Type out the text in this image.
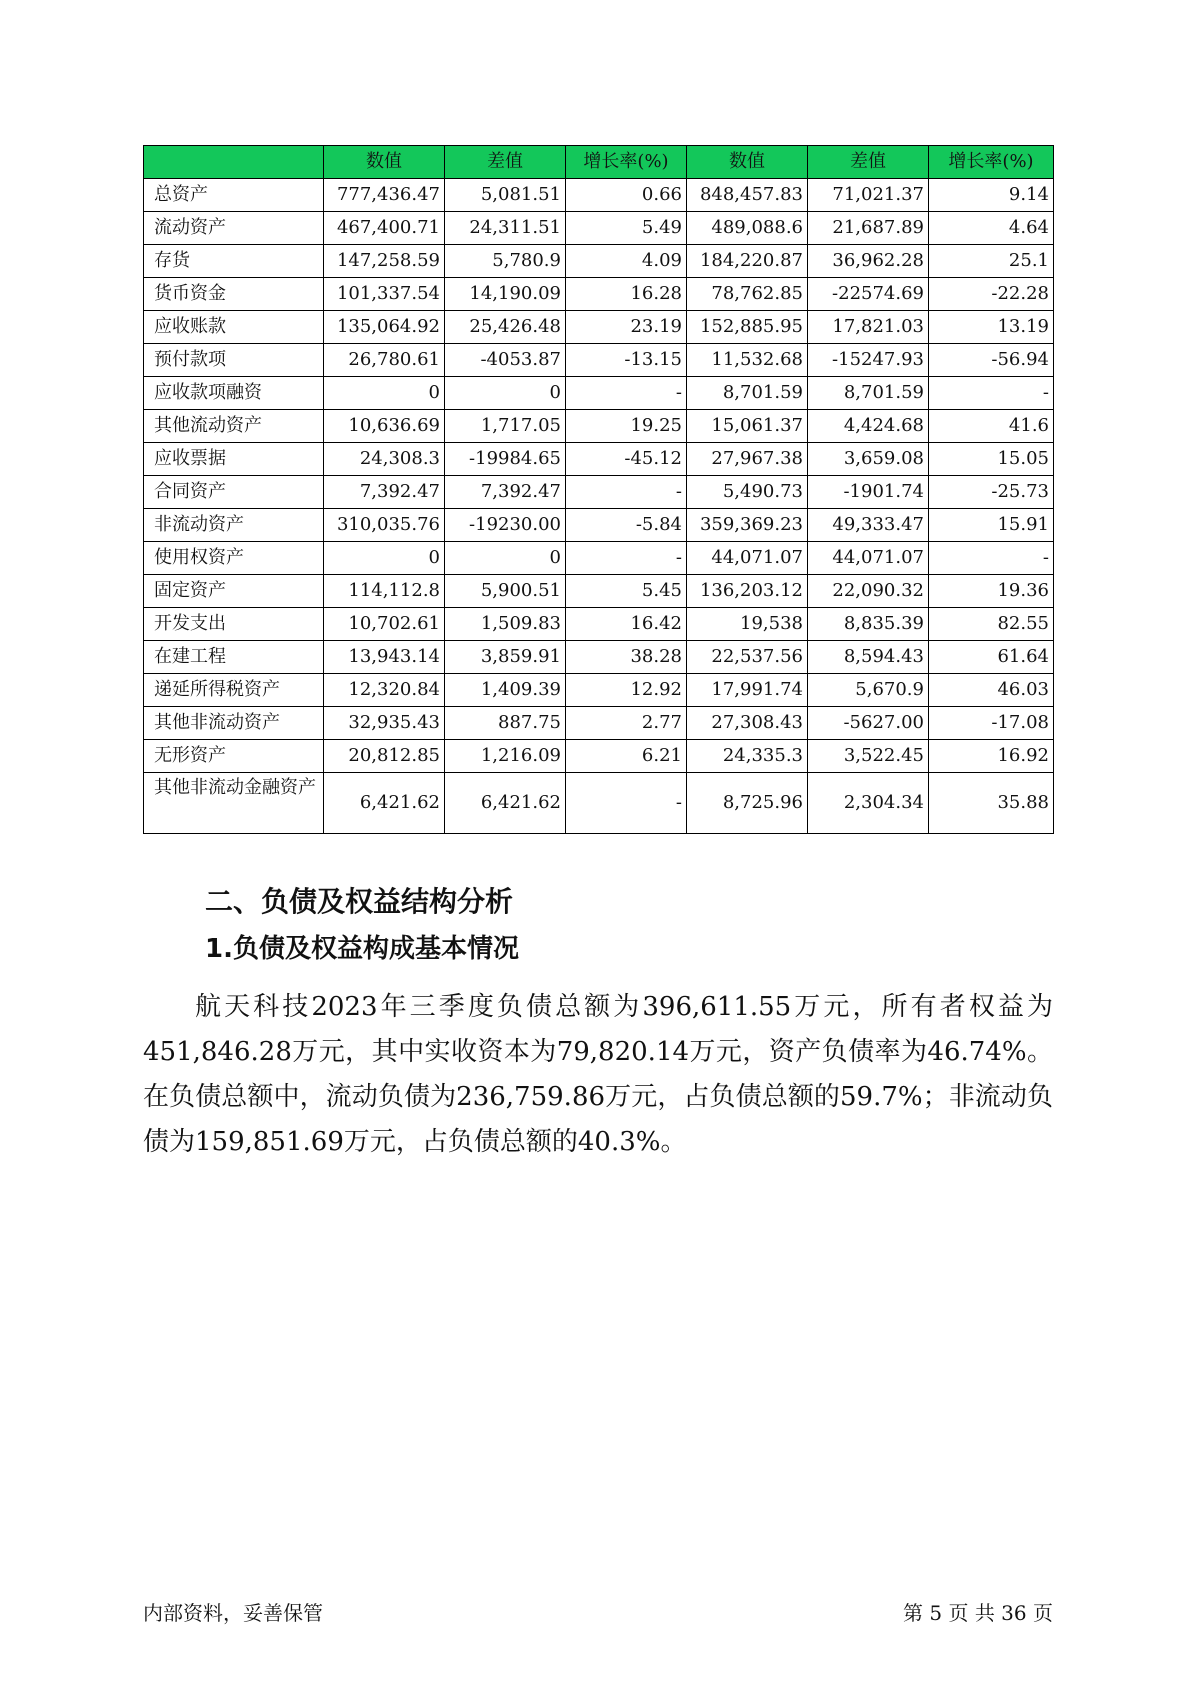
	数值	差值	增长率(%)	数值	差值	增长率(%)
总资产	777,436.47	5,081.51	0.66	848,457.83	71,021.37	9.14
流动资产	467,400.71	24,311.51	5.49	489,088.6	21,687.89	4.64
存货	147,258.59	5,780.9	4.09	184,220.87	36,962.28	25.1
货币资金	101,337.54	14,190.09	16.28	78,762.85	-22574.69	-22.28
应收账款	135,064.92	25,426.48	23.19	152,885.95	17,821.03	13.19
预付款项	26,780.61	-4053.87	-13.15	11,532.68	-15247.93	-56.94
应收款项融资	0	0	-	8,701.59	8,701.59	-
其他流动资产	10,636.69	1,717.05	19.25	15,061.37	4,424.68	41.6
应收票据	24,308.3	-19984.65	-45.12	27,967.38	3,659.08	15.05
合同资产	7,392.47	7,392.47	-	5,490.73	-1901.74	-25.73
非流动资产	310,035.76	-19230.00	-5.84	359,369.23	49,333.47	15.91
使用权资产	0	0	-	44,071.07	44,071.07	-
固定资产	114,112.8	5,900.51	5.45	136,203.12	22,090.32	19.36
开发支出	10,702.61	1,509.83	16.42	19,538	8,835.39	82.55
在建工程	13,943.14	3,859.91	38.28	22,537.56	8,594.43	61.64
递延所得税资产	12,320.84	1,409.39	12.92	17,991.74	5,670.9	46.03
其他非流动资产	32,935.43	887.75	2.77	27,308.43	-5627.00	-17.08
无形资产	20,812.85	1,216.09	6.21	24,335.3	3,522.45	16.92
其他非流动金融资产	6,421.62	6,421.62	-	8,725.96	2,304.34	35.88
二、负债及权益结构分析
1.负债及权益构成基本情况

航天科技2023年三季度负债总额为396,611.55万元，所有者权益为451,846.28万元，其中实收资本为79,820.14万元，资产负债率为46.74%。在负债总额中，流动负债为236,759.86万元，占负债总额的59.7%；非流动负债为159,851.69万元，占负债总额的40.3%。

内部资料，妥善保管	第 5 页 共 36 页
